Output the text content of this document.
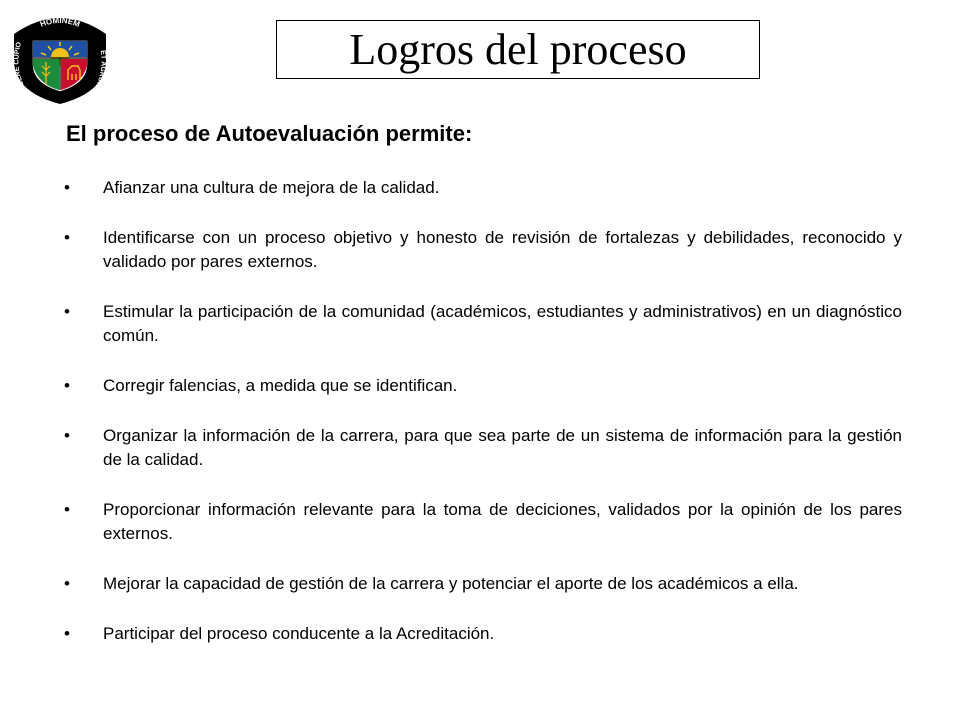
HOMINEM
COLERE CUPIO
ET AGRUM
Logros del proceso
El proceso de Autoevaluación permite:
•	Afianzar una cultura de mejora de la calidad.
•	Identificarse con un proceso objetivo y honesto de revisión de fortalezas y debilidades, reconocido y validado por pares externos.
•	Estimular la participación de la comunidad (académicos, estudiantes y administrativos) en un diagnóstico común.
•	Corregir falencias, a medida que se identifican.
•	Organizar la información de la carrera, para que sea parte de un sistema de información para la gestión de la calidad.
•	Proporcionar información relevante para la toma de deciciones, validados por la opinión de los pares externos.
•	Mejorar la capacidad de gestión de la carrera y potenciar el aporte de los académicos a ella.
•	Participar del proceso conducente a la Acreditación.
